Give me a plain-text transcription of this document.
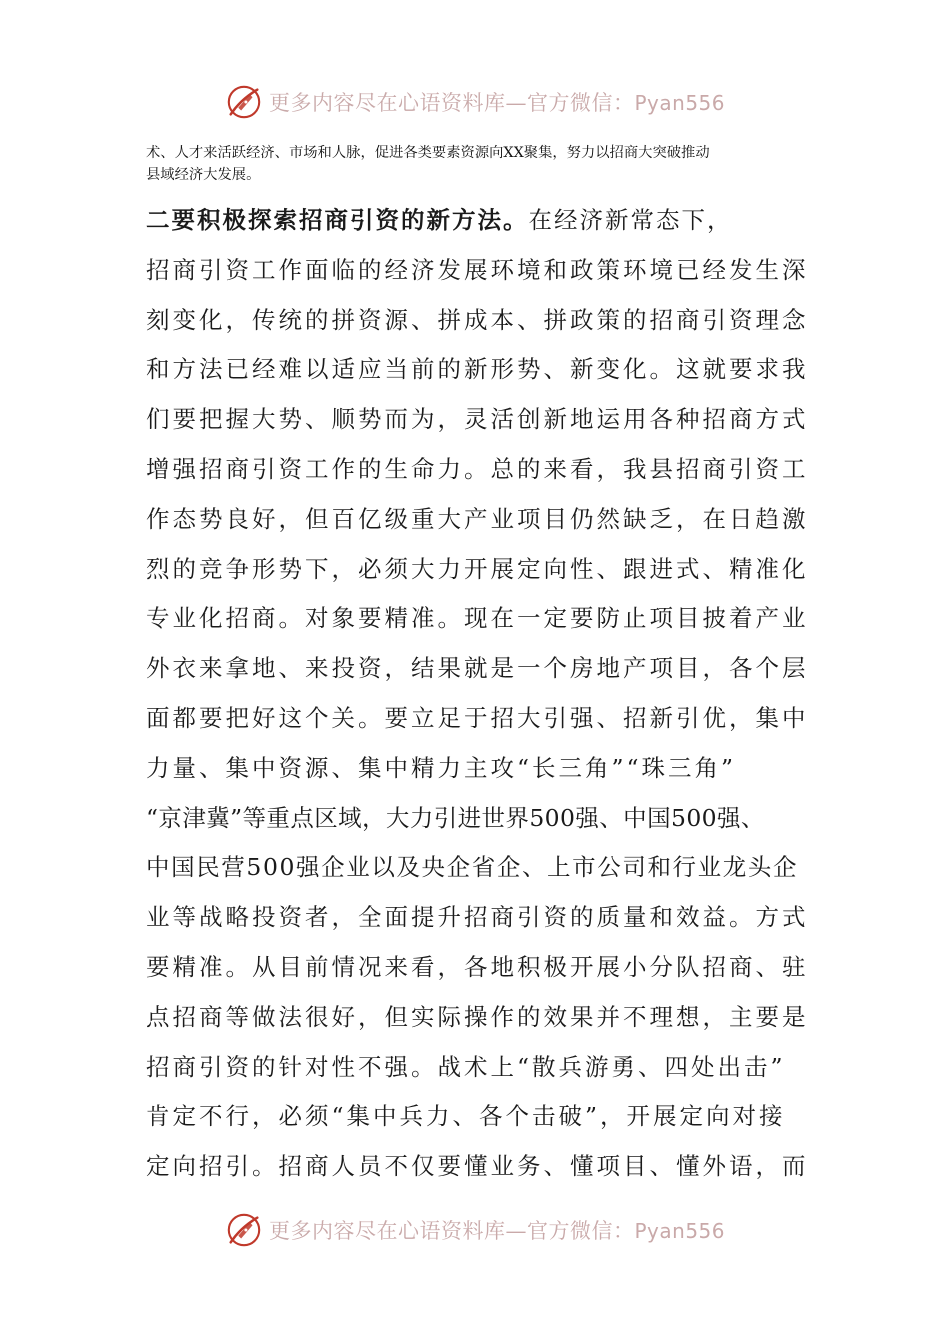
更多内容尽在心语资料库—官方微信：Pyan556
术、人才来活跃经济、市场和人脉，促进各类要素资源向XX聚集，努力以招商大突破推动
县域经济大发展。
二要积极探索招商引资的新方法。在经济新常态下，
招商引资工作面临的经济发展环境和政策环境已经发生深
刻变化，传统的拼资源、拼成本、拼政策的招商引资理念
和方法已经难以适应当前的新形势、新变化。这就要求我
们要把握大势、顺势而为，灵活创新地运用各种招商方式
增强招商引资工作的生命力。总的来看，我县招商引资工
作态势良好，但百亿级重大产业项目仍然缺乏，在日趋激
烈的竞争形势下，必须大力开展定向性、跟进式、精准化
专业化招商。对象要精准。现在一定要防止项目披着产业
外衣来拿地、来投资，结果就是一个房地产项目，各个层
面都要把好这个关。要立足于招大引强、招新引优，集中
力量、集中资源、集中精力主攻“长三角”“珠三角”
“京津冀”等重点区域，大力引进世界500强、中国500强、
中国民营500强企业以及央企省企、上市公司和行业龙头企
业等战略投资者，全面提升招商引资的质量和效益。方式
要精准。从目前情况来看，各地积极开展小分队招商、驻
点招商等做法很好，但实际操作的效果并不理想，主要是
招商引资的针对性不强。战术上“散兵游勇、四处出击”
肯定不行，必须“集中兵力、各个击破”，开展定向对接
定向招引。招商人员不仅要懂业务、懂项目、懂外语，而
更多内容尽在心语资料库—官方微信：Pyan556
